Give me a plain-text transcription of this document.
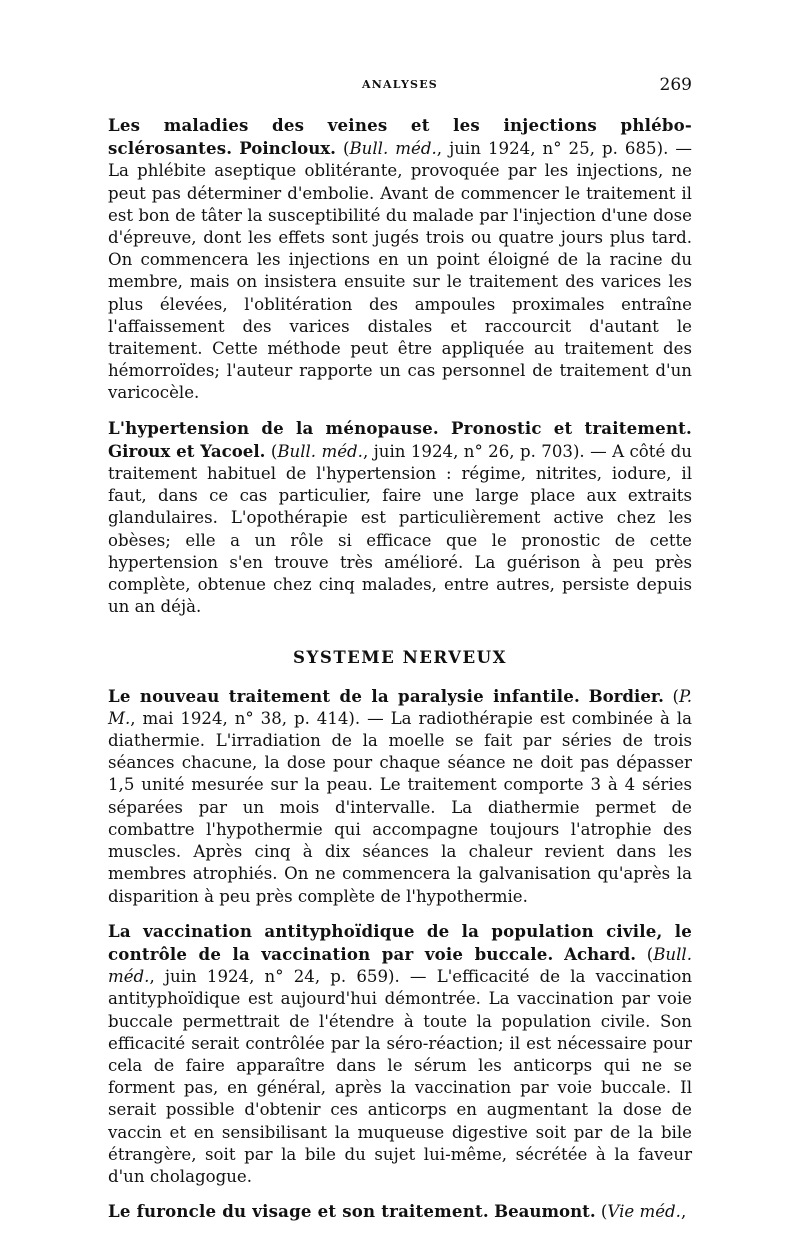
ANALYSES	269

Les maladies des veines et les injections phlébo-sclérosantes. Poincloux. (Bull. méd., juin 1924, n° 25, p. 685). — La phlébite aseptique oblitérante, provoquée par les injections, ne peut pas déterminer d'embolie. Avant de commencer le traitement il est bon de tâter la susceptibilité du malade par l'injection d'une dose d'épreuve, dont les effets sont jugés trois ou quatre jours plus tard. On commencera les injections en un point éloigné de la racine du membre, mais on insistera ensuite sur le traitement des varices les plus élevées, l'oblitération des ampoules proximales entraîne l'affaissement des varices distales et raccourcit d'autant le traitement. Cette méthode peut être appliquée au traitement des hémorroïdes; l'auteur rapporte un cas personnel de traitement d'un varicocèle.

L'hypertension de la ménopause. Pronostic et traitement. Giroux et Yacoel. (Bull. méd., juin 1924, n° 26, p. 703). — A côté du traitement habituel de l'hypertension : régime, nitrites, iodure, il faut, dans ce cas particulier, faire une large place aux extraits glandulaires. L'opothérapie est particulièrement active chez les obèses; elle a un rôle si efficace que le pronostic de cette hypertension s'en trouve très amélioré. La guérison à peu près complète, obtenue chez cinq malades, entre autres, persiste depuis un an déjà.

SYSTEME NERVEUX

Le nouveau traitement de la paralysie infantile. Bordier. (P. M., mai 1924, n° 38, p. 414). — La radiothérapie est combinée à la diathermie. L'irradiation de la moelle se fait par séries de trois séances chacune, la dose pour chaque séance ne doit pas dépasser 1,5 unité mesurée sur la peau. Le traitement comporte 3 à 4 séries séparées par un mois d'intervalle. La diathermie permet de combattre l'hypothermie qui accompagne toujours l'atrophie des muscles. Après cinq à dix séances la chaleur revient dans les membres atrophiés. On ne commencera la galvanisation qu'après la disparition à peu près complète de l'hypothermie.

La vaccination antityphoïdique de la population civile, le contrôle de la vaccination par voie buccale. Achard. (Bull. méd., juin 1924, n° 24, p. 659). — L'efficacité de la vaccination antityphoïdique est aujourd'hui démontrée. La vaccination par voie buccale permettrait de l'étendre à toute la population civile. Son efficacité serait contrôlée par la séro-réaction; il est nécessaire pour cela de faire apparaître dans le sérum les anticorps qui ne se forment pas, en général, après la vaccination par voie buccale. Il serait possible d'obtenir ces anticorps en augmentant la dose de vaccin et en sensibilisant la muqueuse digestive soit par de la bile étrangère, soit par la bile du sujet lui-même, sécrétée à la faveur d'un cholagogue.

Le furoncle du visage et son traitement. Beaumont. (Vie méd.,
